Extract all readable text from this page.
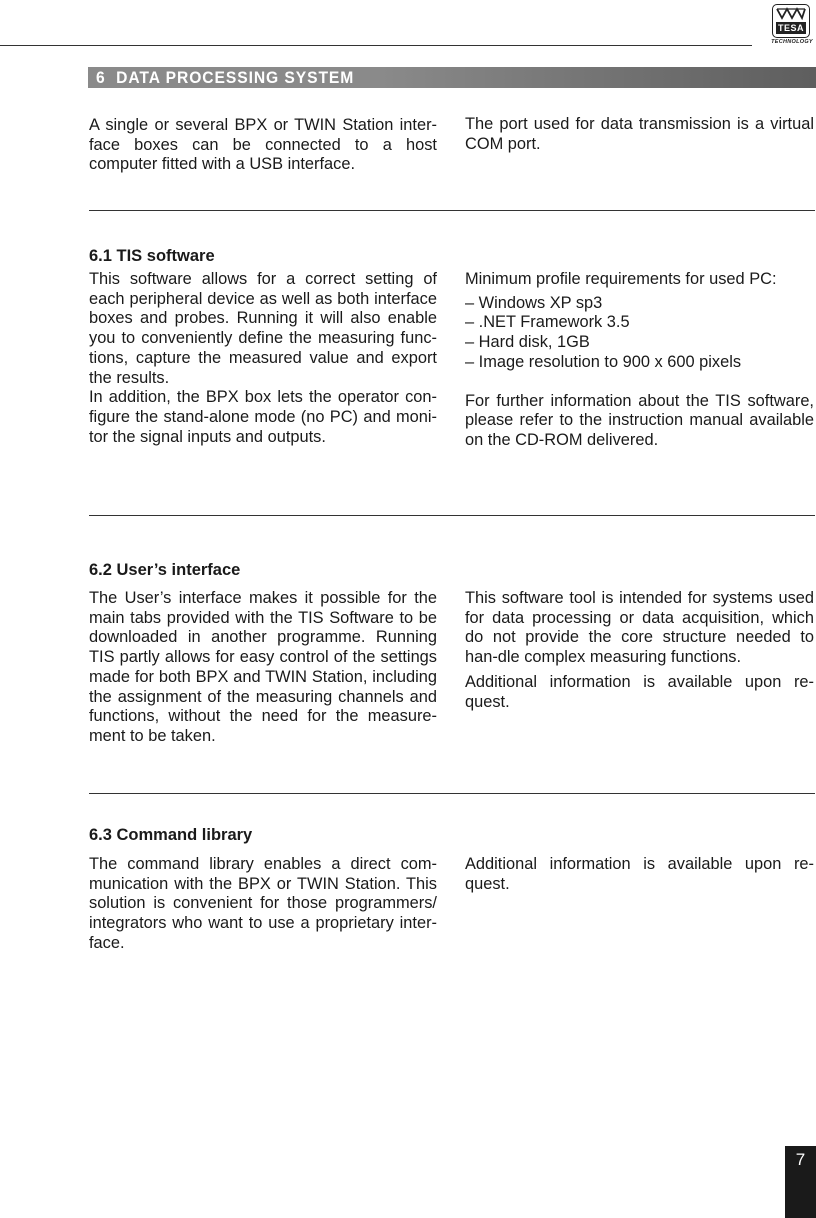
TESA
TECHNOLOGY
6 DATA PROCESSING SYSTEM

A single or several BPX or TWIN Station inter-face boxes can be connected to a host computer fitted with a USB interface.

The port used for data transmission is a virtual COM port.

6.1 TIS software

This software allows for a correct setting of each peripheral device as well as both interface boxes and probes. Running it will also enable you to conveniently define the measuring func-tions, capture the measured value and export the results.

In addition, the BPX box lets the operator con-figure the stand-alone mode (no PC) and moni-tor the signal inputs and outputs.

Minimum profile requirements for used PC:

– Windows XP sp3
– .NET Framework 3.5
– Hard disk, 1GB
– Image resolution to 900 x 600 pixels

For further information about the TIS software, please refer to the instruction manual available on the CD-ROM delivered.

6.2 User’s interface

The User’s interface makes it possible for the main tabs provided with the TIS Software to be downloaded in another programme. Running TIS partly allows for easy control of the settings made for both BPX and TWIN Station, including the assignment of the measuring channels and functions, without the need for the measure-ment to be taken.

This software tool is intended for systems used for data processing or data acquisition, which do not provide the core structure needed to han-dle complex measuring functions.

Additional information is available upon re-quest.

6.3 Command library

The command library enables a direct com-munication with the BPX or TWIN Station. This solution is convenient for those programmers/ integrators who want to use a proprietary inter-face.

Additional information is available upon re-quest.

7
